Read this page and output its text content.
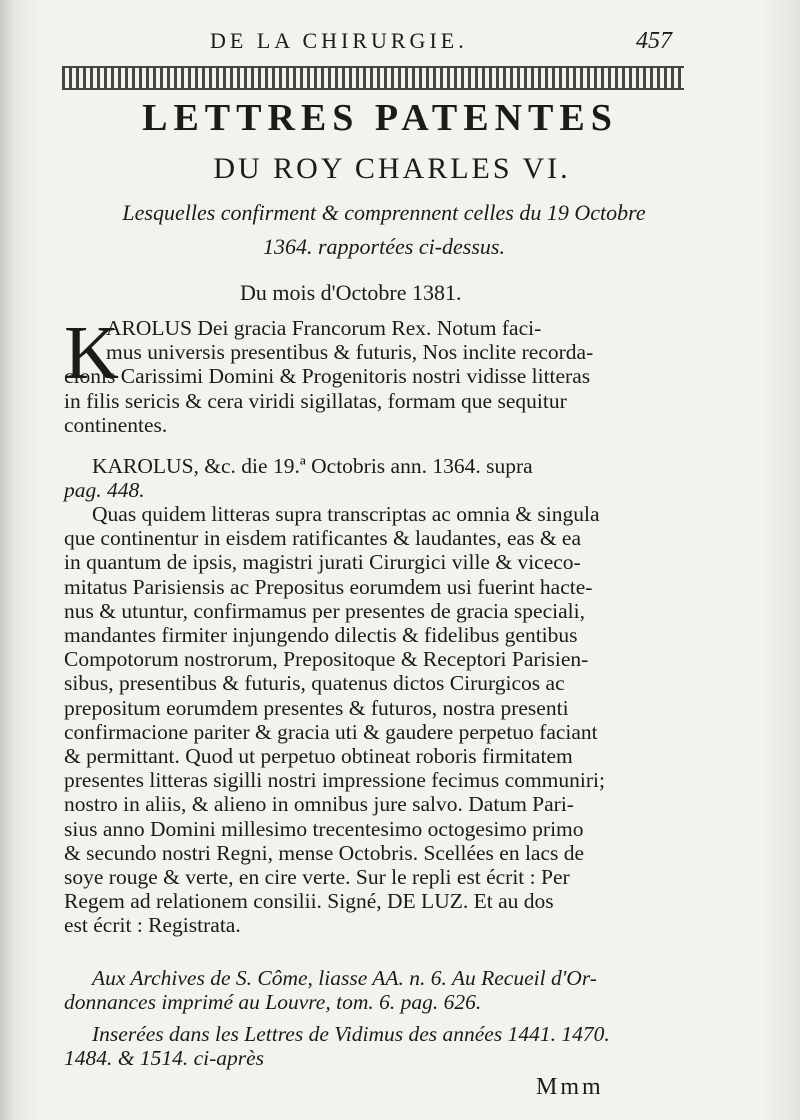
DE LA CHIRURGIE.	457
LETTRES PATENTES
DU ROY CHARLES VI.
Lesquelles confirment & comprennent celles du 19 Octobre
1364. rapportées ci-dessus.
Du mois d'Octobre 1381.
K
AROLUS Dei gracia Francorum Rex. Notum faci-
mus universis presentibus & futuris, Nos inclite recorda-
cionis Carissimi Domini & Progenitoris nostri vidisse litteras
in filis sericis & cera viridi sigillatas, formam que sequitur
continentes.
KAROLUS, &c. die 19.ª Octobris ann. 1364. supra
pag. 448.
Quas quidem litteras supra transcriptas ac omnia & singula
que continentur in eisdem ratificantes & laudantes, eas & ea
in quantum de ipsis, magistri jurati Cirurgici ville & viceco-
mitatus Parisiensis ac Prepositus eorumdem usi fuerint hacte-
nus & utuntur, confirmamus per presentes de gracia speciali,
mandantes firmiter injungendo dilectis & fidelibus gentibus
Compotorum nostrorum, Prepositoque & Receptori Parisien-
sibus, presentibus & futuris, quatenus dictos Cirurgicos ac
prepositum eorumdem presentes & futuros, nostra presenti
confirmacione pariter & gracia uti & gaudere perpetuo faciant
& permittant. Quod ut perpetuo obtineat roboris firmitatem
presentes litteras sigilli nostri impressione fecimus communiri;
nostro in aliis, & alieno in omnibus jure salvo. Datum Pari-
sius anno Domini millesimo trecentesimo octogesimo primo
& secundo nostri Regni, mense Octobris. Scellées en lacs de
soye rouge & verte, en cire verte. Sur le repli est écrit : Per
Regem ad relationem consilii. Signé, DE LUZ. Et au dos
est écrit : Registrata.
Aux Archives de S. Côme, liasse AA. n. 6. Au Recueil d'Or-
donnances imprimé au Louvre, tom. 6. pag. 626.
Inserées dans les Lettres de Vidimus des années 1441. 1470.
1484. & 1514. ci-après
Mmm
